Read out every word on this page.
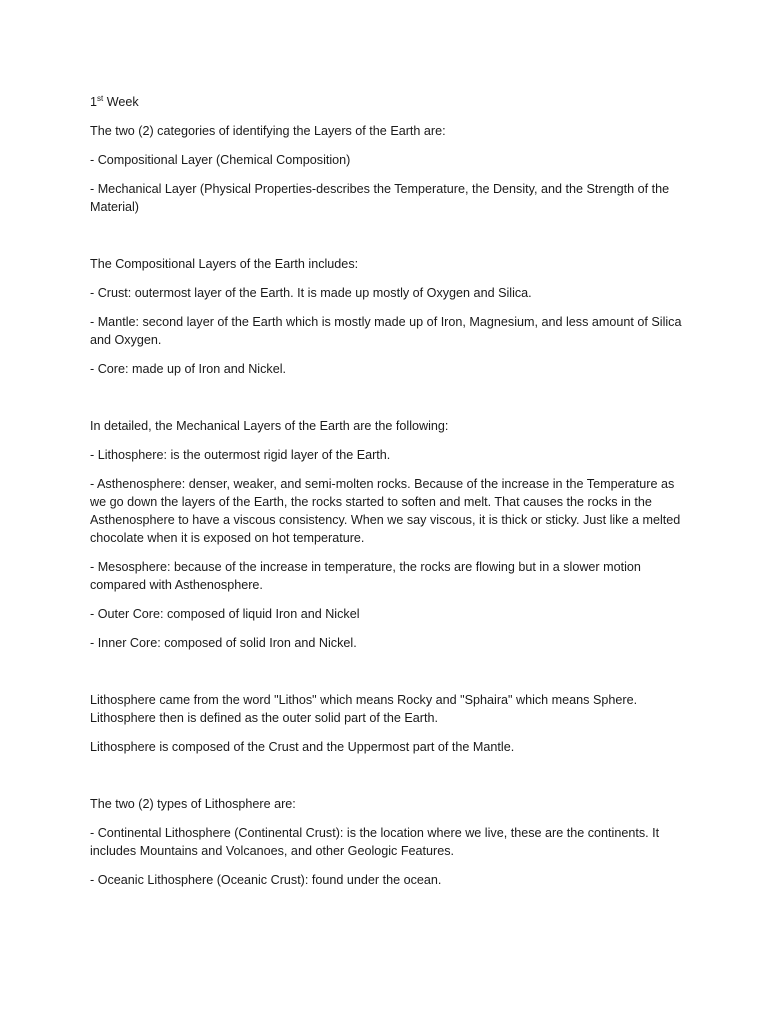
1st Week

The two (2) categories of identifying the Layers of the Earth are:

- Compositional Layer (Chemical Composition)

- Mechanical Layer (Physical Properties-describes the Temperature, the Density, and the Strength of the Material)

The Compositional Layers of the Earth includes:

- Crust: outermost layer of the Earth. It is made up mostly of Oxygen and Silica.

- Mantle: second layer of the Earth which is mostly made up of Iron, Magnesium, and less amount of Silica and Oxygen.

- Core: made up of Iron and Nickel.

In detailed, the Mechanical Layers of the Earth are the following:

- Lithosphere: is the outermost rigid layer of the Earth.

- Asthenosphere: denser, weaker, and semi-molten rocks. Because of the increase in the Temperature as we go down the layers of the Earth, the rocks started to soften and melt. That causes the rocks in the Asthenosphere to have a viscous consistency. When we say viscous, it is thick or sticky. Just like a melted chocolate when it is exposed on hot temperature.

- Mesosphere: because of the increase in temperature, the rocks are flowing but in a slower motion compared with Asthenosphere.

- Outer Core: composed of liquid Iron and Nickel

- Inner Core: composed of solid Iron and Nickel.

Lithosphere came from the word "Lithos" which means Rocky and "Sphaira" which means Sphere. Lithosphere then is defined as the outer solid part of the Earth.

Lithosphere is composed of the Crust and the Uppermost part of the Mantle.

The two (2) types of Lithosphere are:

- Continental Lithosphere (Continental Crust): is the location where we live, these are the continents. It includes Mountains and Volcanoes, and other Geologic Features.

- Oceanic Lithosphere (Oceanic Crust): found under the ocean.
